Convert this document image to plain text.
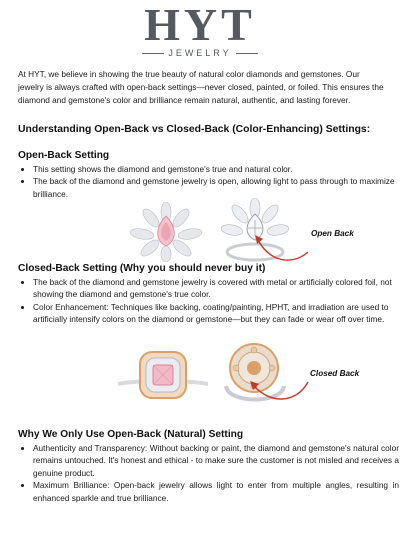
HYT
JEWELRY

At HYT, we believe in showing the true beauty of natural color diamonds and gemstones. Our jewelry is always crafted with open-back settings—never closed, painted, or foiled. This ensures the diamond and gemstone's color and brilliance remain natural, authentic, and lasting forever.

Understanding Open-Back vs Closed-Back (Color-Enhancing) Settings:
Open-Back Setting
• This setting shows the diamond and gemstone's true and natural color.
• The back of the diamond and gemstone jewelry is open, allowing light to pass through to maximize brilliance.
Open Back
Closed-Back Setting (Why you should never buy it)
• The back of the diamond and gemstone jewelry is covered with metal or artificially colored foil, not showing the diamond and gemstone's true color.
• Color Enhancement: Techniques like backing, coating/painting, HPHT, and irradiation are used to artificially intensify colors on the diamond or gemstone—but they can fade or wear off over time.
Closed Back
Why We Only Use Open-Back (Natural) Setting
• Authenticity and Transparency: Without backing or paint, the diamond and gemstone's natural color remains untouched. It's honest and ethical - to make sure the customer is not misled and receives a genuine product.
• Maximum Brilliance: Open-back jewelry allows light to enter from multiple angles, resulting in enhanced sparkle and true brilliance.
